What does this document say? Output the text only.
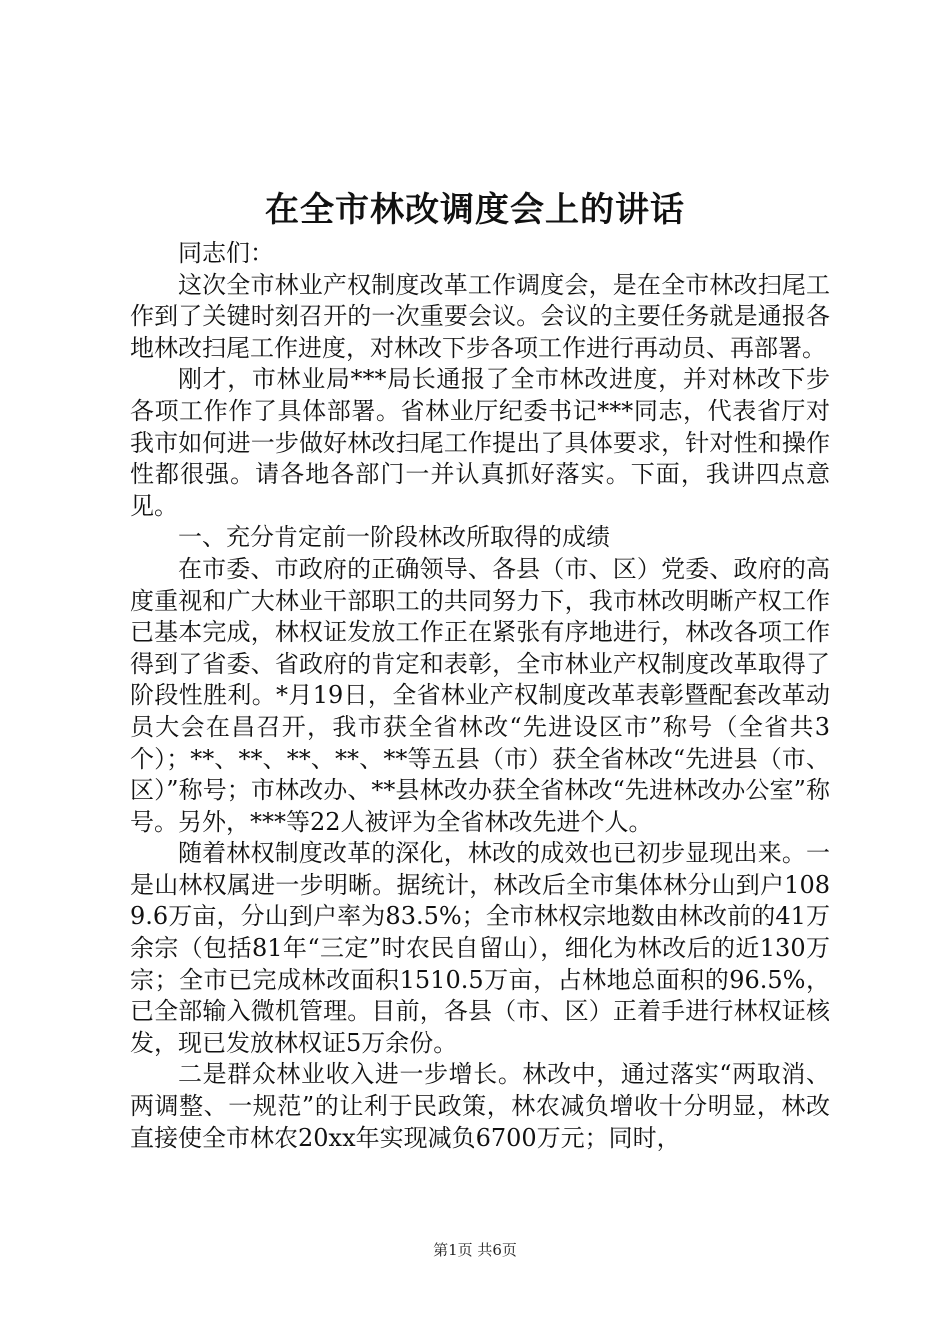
在全市林改调度会上的讲话

同志们：

这次全市林业产权制度改革工作调度会，是在全市林改扫尾工作到了关键时刻召开的一次重要会议。会议的主要任务就是通报各地林改扫尾工作进度，对林改下步各项工作进行再动员、再部署。

刚才，市林业局***局长通报了全市林改进度，并对林改下步各项工作作了具体部署。省林业厅纪委书记***同志，代表省厅对我市如何进一步做好林改扫尾工作提出了具体要求，针对性和操作性都很强。请各地各部门一并认真抓好落实。下面，我讲四点意见。

一、充分肯定前一阶段林改所取得的成绩

在市委、市政府的正确领导、各县（市、区）党委、政府的高度重视和广大林业干部职工的共同努力下，我市林改明晰产权工作已基本完成，林权证发放工作正在紧张有序地进行，林改各项工作得到了省委、省政府的肯定和表彰，全市林业产权制度改革取得了阶段性胜利。*月19日，全省林业产权制度改革表彰暨配套改革动员大会在昌召开，我市获全省林改“先进设区市”称号（全省共3个）；**、**、**、**、**等五县（市）获全省林改“先进县（市、区）”称号；市林改办、**县林改办获全省林改“先进林改办公室”称号。另外，***等22人被评为全省林改先进个人。

随着林权制度改革的深化，林改的成效也已初步显现出来。一是山林权属进一步明晰。据统计，林改后全市集体林分山到户1089.6万亩，分山到户率为83.5%；全市林权宗地数由林改前的41万余宗（包括81年“三定”时农民自留山），细化为林改后的近130万宗；全市已完成林改面积1510.5万亩，占林地总面积的96.5%，已全部输入微机管理。目前，各县（市、区）正着手进行林权证核发，现已发放林权证5万余份。

二是群众林业收入进一步增长。林改中，通过落实“两取消、两调整、一规范”的让利于民政策，林农减负增收十分明显，林改直接使全市林农20xx年实现减负6700万元；同时，

第1页 共6页
